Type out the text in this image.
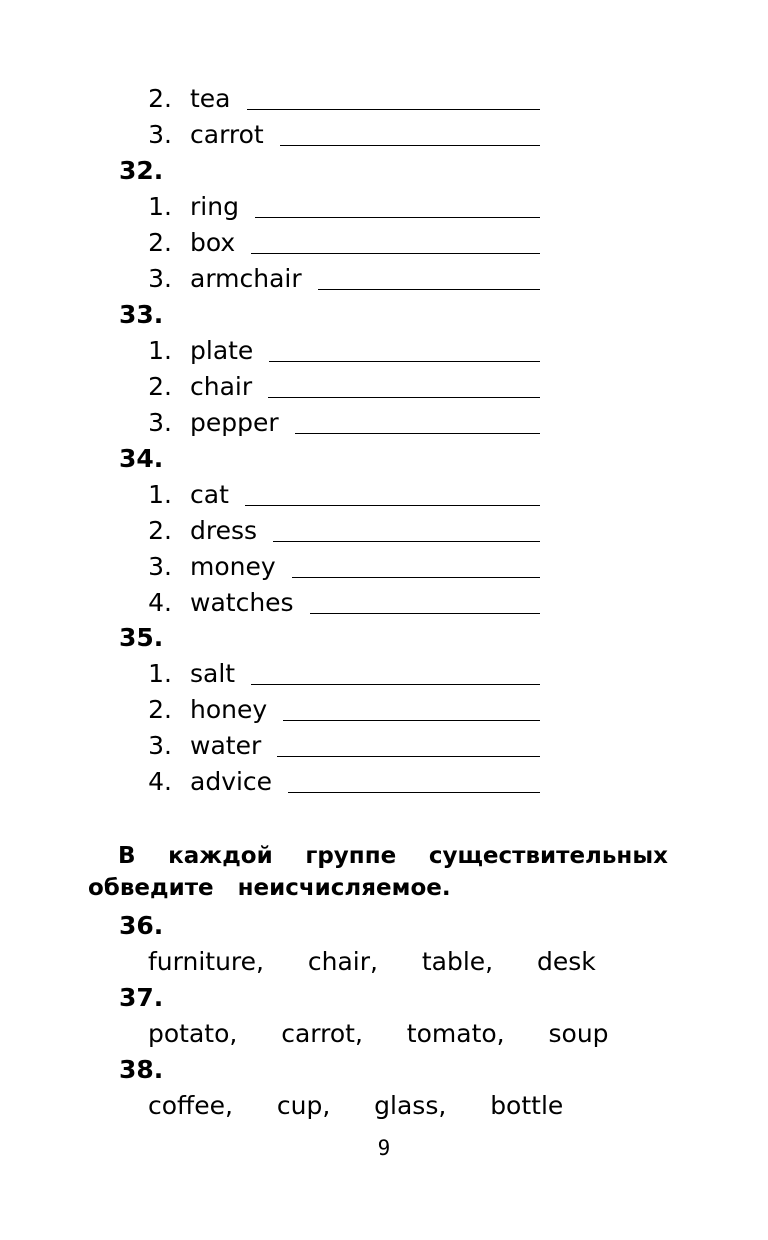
2. tea
3. carrot
32.
1. ring
2. box
3. armchair
33.
1. plate
2. chair
3. pepper
34.
1. cat
2. dress
3. money
4. watches
35.
1. salt
2. honey
3. water
4. advice
В каждой группе существительных
обведите   неисчисляемое.
36.
furniture,  chair,  table,  desk
37.
potato,  carrot,  tomato,  soup
38.
coffee,  cup,  glass,  bottle
9
